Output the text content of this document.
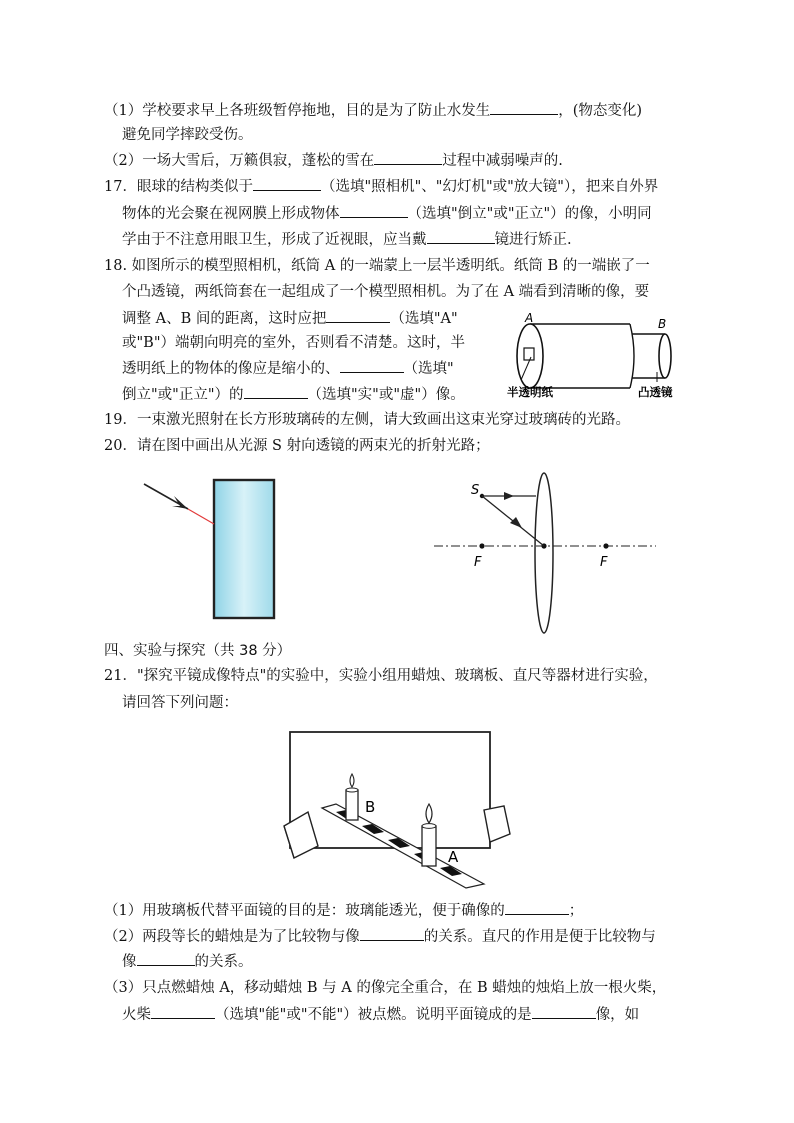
（1）学校要求早上各班级暂停拖地，目的是为了防止水发生	，(物态变化)
避免同学摔跤受伤。
（2）一场大雪后，万籁俱寂，蓬松的雪在	过程中减弱噪声的.
17．眼球的结构类似于	（选填"照相机"、"幻灯机"或"放大镜"），把来自外界
物体的光会聚在视网膜上形成物体	（选填"倒立"或"正立"）的像，小明同
学由于不注意用眼卫生，形成了近视眼，应当戴	镜进行矫正.
18. 如图所示的模型照相机，纸筒 A 的一端蒙上一层半透明纸。纸筒 B 的一端嵌了一
个凸透镜，两纸筒套在一起组成了一个模型照相机。为了在 A 端看到清晰的像，要
调整 A、B 间的距离，这时应把	（选填"A"
或"B"）端朝向明亮的室外，否则看不清楚。这时，半
透明纸上的物体的像应是缩小的、	（选填"
倒立"或"正立"）的	（选填"实"或"虚"）像。
A	B
半透明纸	凸透镜
19．一束激光照射在长方形玻璃砖的左侧，请大致画出这束光穿过玻璃砖的光路。
20．请在图中画出从光源 S 射向透镜的两束光的折射光路；
S
F	F
四、实验与探究（共 38 分）
21．"探究平镜成像特点"的实验中，实验小组用蜡烛、玻璃板、直尺等器材进行实验，
请回答下列问题：
B
A
（1）用玻璃板代替平面镜的目的是：玻璃能透光，便于确像的	；
（2）两段等长的蜡烛是为了比较物与像	的关系。直尺的作用是便于比较物与
像	的关系。
（3）只点燃蜡烛 A，移动蜡烛 B 与 A 的像完全重合，在 B 蜡烛的烛焰上放一根火柴，
火柴	（选填"能"或"不能"）被点燃。说明平面镜成的是	像，如
